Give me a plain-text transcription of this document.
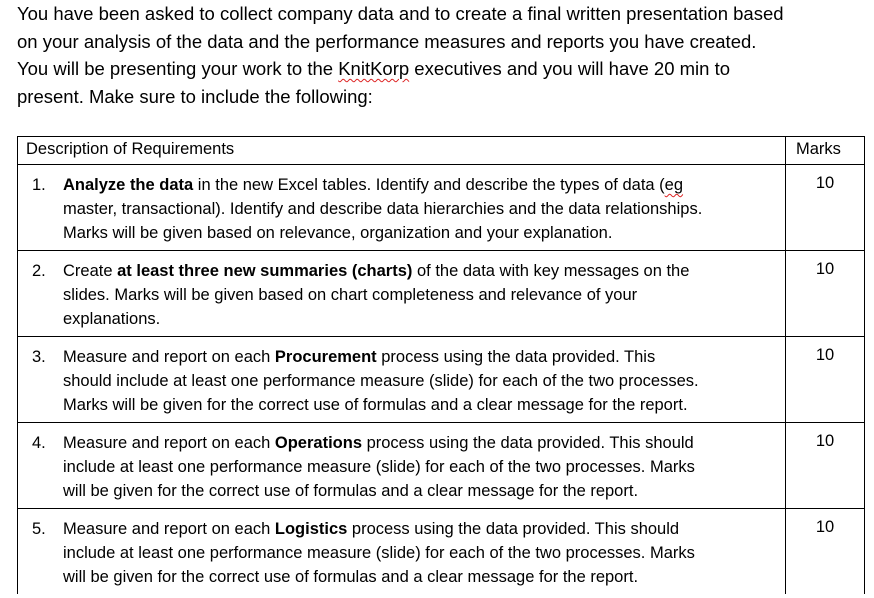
You have been asked to collect company data and to create a final written presentation based
on your analysis of the data and the performance measures and reports you have created.
You will be presenting your work to the KnitKorp executives and you will have 20 min to
present. Make sure to include the following:
Description of Requirements	Marks

1. Analyze the data in the new Excel tables. Identify and describe the types of data (eg
master, transactional). Identify and describe data hierarchies and the data relationships.
Marks will be given based on relevance, organization and your explanation.	10

2. Create at least three new summaries (charts) of the data with key messages on the
slides. Marks will be given based on chart completeness and relevance of your
explanations.	10

3. Measure and report on each Procurement process using the data provided. This
should include at least one performance measure (slide) for each of the two processes.
Marks will be given for the correct use of formulas and a clear message for the report.	10

4. Measure and report on each Operations process using the data provided. This should
include at least one performance measure (slide) for each of the two processes. Marks
will be given for the correct use of formulas and a clear message for the report.	10

5. Measure and report on each Logistics process using the data provided. This should
include at least one performance measure (slide) for each of the two processes. Marks
will be given for the correct use of formulas and a clear message for the report.	10
